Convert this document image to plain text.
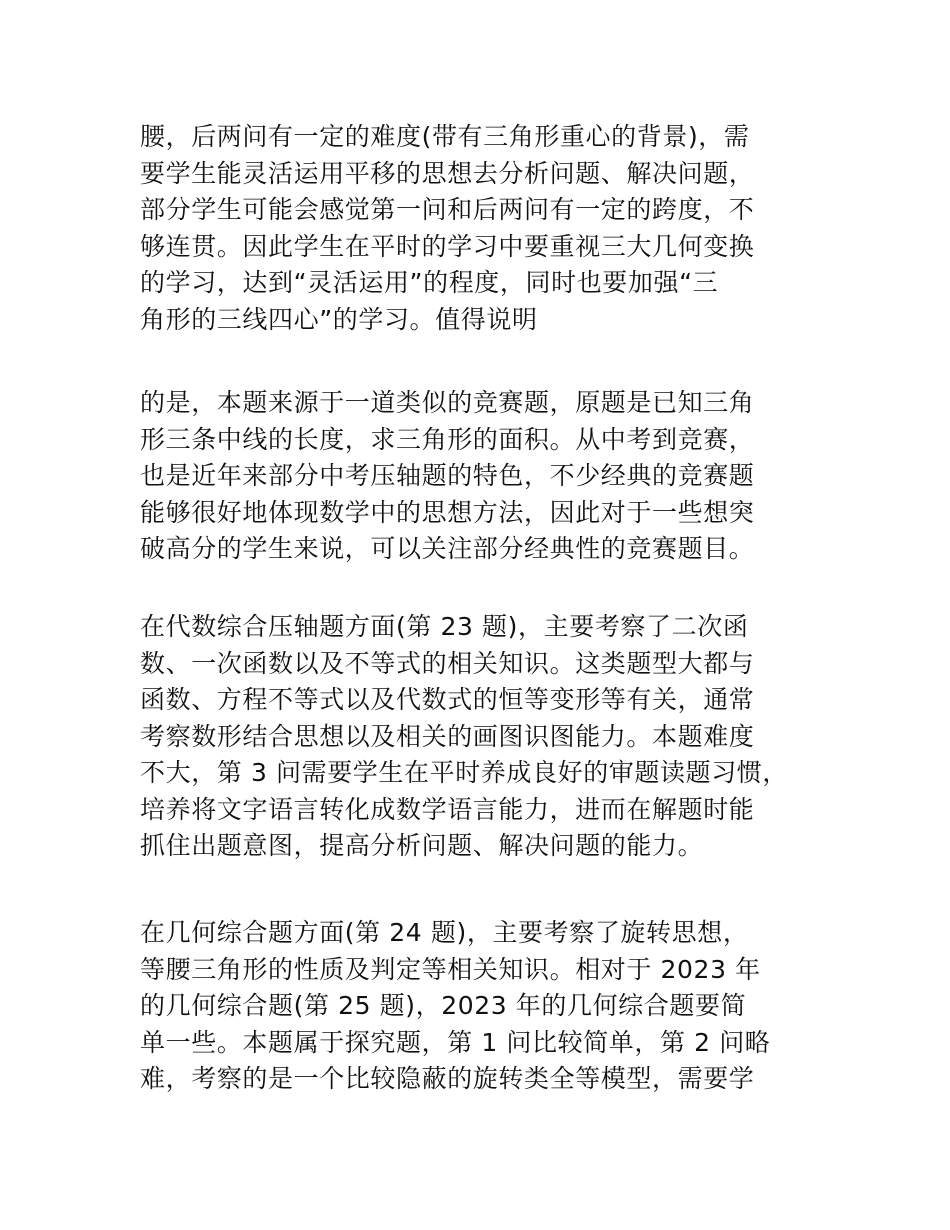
腰，后两问有一定的难度(带有三角形重心的背景)，需
要学生能灵活运用平移的思想去分析问题、解决问题，
部分学生可能会感觉第一问和后两问有一定的跨度，不
够连贯。因此学生在平时的学习中要重视三大几何变换
的学习，达到“灵活运用”的程度，同时也要加强“三
角形的三线四心”的学习。值得说明
的是，本题来源于一道类似的竞赛题，原题是已知三角
形三条中线的长度，求三角形的面积。从中考到竞赛，
也是近年来部分中考压轴题的特色，不少经典的竞赛题
能够很好地体现数学中的思想方法，因此对于一些想突
破高分的学生来说，可以关注部分经典性的竞赛题目。
在代数综合压轴题方面(第 23 题)，主要考察了二次函
数、一次函数以及不等式的相关知识。这类题型大都与
函数、方程不等式以及代数式的恒等变形等有关，通常
考察数形结合思想以及相关的画图识图能力。本题难度
不大，第 3 问需要学生在平时养成良好的审题读题习惯，
培养将文字语言转化成数学语言能力，进而在解题时能
抓住出题意图，提高分析问题、解决问题的能力。
在几何综合题方面(第 24 题)，主要考察了旋转思想，
等腰三角形的性质及判定等相关知识。相对于 2023 年
的几何综合题(第 25 题)，2023 年的几何综合题要简
单一些。本题属于探究题，第 1 问比较简单，第 2 问略
难，考察的是一个比较隐蔽的旋转类全等模型，需要学
